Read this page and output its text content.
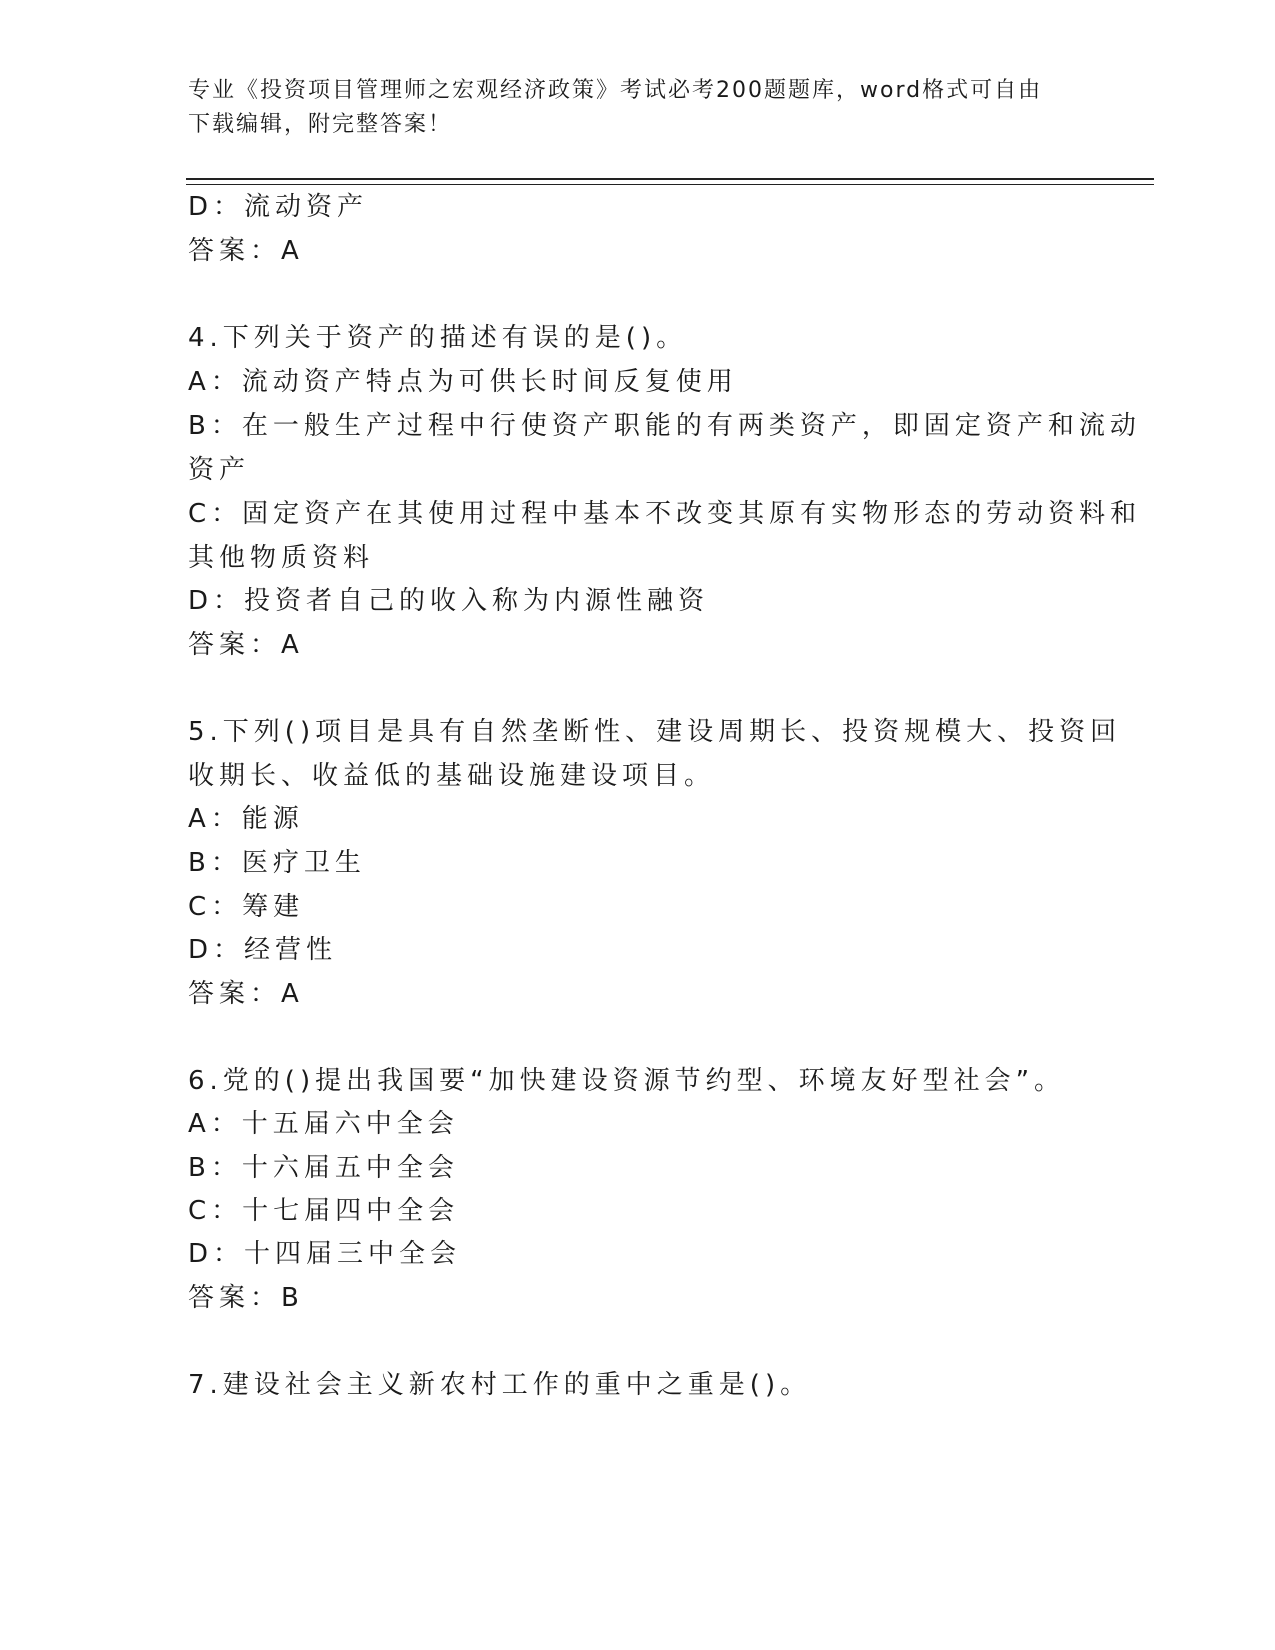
专业《投资项目管理师之宏观经济政策》考试必考200题题库，word格式可自由
下载编辑，附完整答案！
D：流动资产
答案：A
4.下列关于资产的描述有误的是()。
A：流动资产特点为可供长时间反复使用
B：在一般生产过程中行使资产职能的有两类资产，即固定资产和流动
资产
C：固定资产在其使用过程中基本不改变其原有实物形态的劳动资料和
其他物质资料
D：投资者自己的收入称为内源性融资
答案：A
5.下列()项目是具有自然垄断性、建设周期长、投资规模大、投资回
收期长、收益低的基础设施建设项目。
A：能源
B：医疗卫生
C：筹建
D：经营性
答案：A
6.党的()提出我国要“加快建设资源节约型、环境友好型社会”。
A：十五届六中全会
B：十六届五中全会
C：十七届四中全会
D：十四届三中全会
答案：B
7.建设社会主义新农村工作的重中之重是()。
